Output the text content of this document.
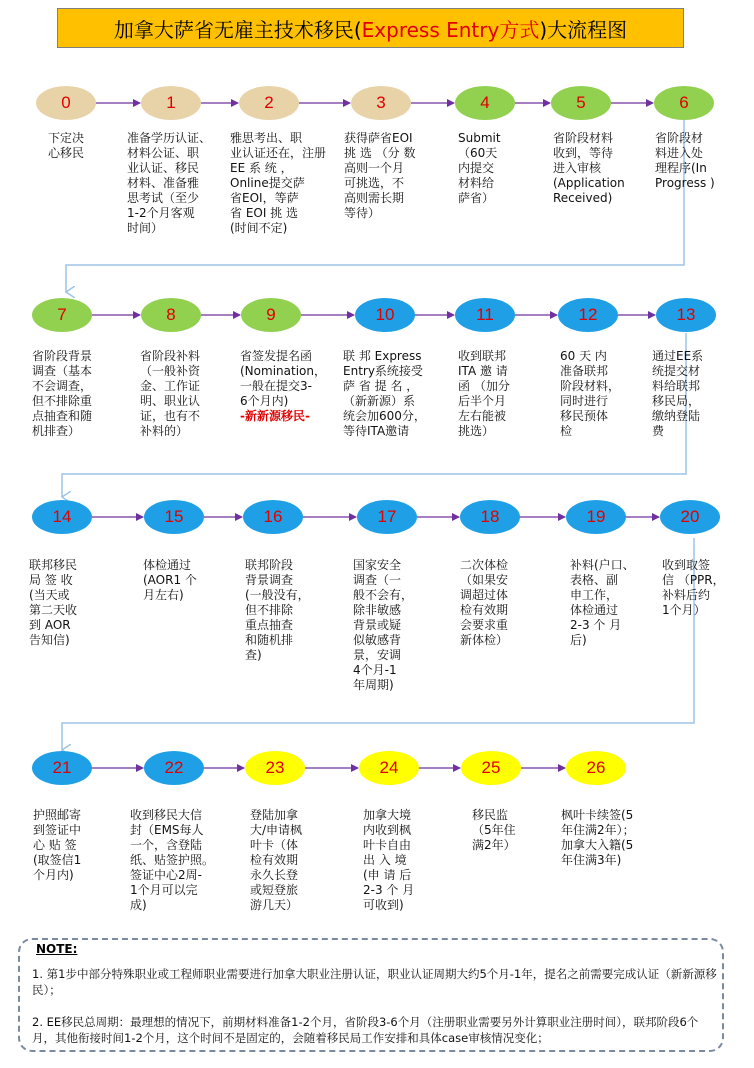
加拿大萨省无雇主技术移民( Express Entry方式 )大流程图
0
下定决
心移民
1
准备学历认证、
材料公证、职
业认证、移民
材料、准备雅
思考试（至少
1-2个月客观
时间）
2
雅思考出、职
业认证还在，注册
EE 系 统 ，
Online提交萨
省EOI，等萨
省 EOI 挑 选
(时间不定)
3
获得萨省EOI
挑 选 （分 数
高则一个月
可挑选，不
高则需长期
等待）
4
Submit
（60天
内提交
材料给
萨省）
5
省阶段材料
收到，等待
进入审核
(Application
Received)
6
省阶段材
料进入处
理程序(In
Progress )
7
省阶段背景
调查（基本
不会调查，
但不排除重
点抽查和随
机排查）
8
省阶段补料
（一般补资
金、工作证
明、职业认
证，也有不
补料的）
9
省签发提名函
(Nomination，
一般在提交3-
6个月内)
-新新源移民-
10
联 邦 Express
Entry系统接受
萨 省 提 名 ，
（新新源）系
统会加600分，
等待ITA邀请
11
收到联邦
ITA 邀 请
函 （加分
后半个月
左右能被
挑选）
12
60 天 内
准备联邦
阶段材料，
同时进行
移民预体
检
13
通过EE系
统提交材
料给联邦
移民局，
缴纳登陆
费
14
联邦移民
局 签 收
(当天或
第二天收
到 AOR
告知信)
15
体检通过
(AOR1 个
月左右)
16
联邦阶段
背景调查
(一般没有，
但不排除
重点抽查
和随机排
查)
17
国家安全
调查（一
般不会有，
除非敏感
背景或疑
似敏感背
景，安调
4个月-1
年周期)
18
二次体检
（如果安
调超过体
检有效期
会要求重
新体检）
19
补料(户口、
表格、副
申工作，
体检通过
2-3 个 月
后)
20
收到取签
信 （PPR，
补料后约
1个月）
21
护照邮寄
到签证中
心 贴 签
(取签信1
个月内)
22
收到移民大信
封（EMS每人
一个，含登陆
纸、贴签护照。
签证中心2周-
1个月可以完
成)
23
登陆加拿
大/申请枫
叶卡（体
检有效期
永久长登
或短登旅
游几天）
24
加拿大境
内收到枫
叶卡自由
出 入 境
(申 请 后
2-3 个 月
可收到)
25
移民监
（5年住
满2年）
26
枫叶卡续签(5
年住满2年）；
加拿大入籍(5
年住满3年)
NOTE:
1. 第1步中部分特殊职业或工程师职业需要进行加拿大职业注册认证，职业认证周期大约5个月-1年，提名之前需要完成认证（新新源移民）；
2. EE移民总周期：最理想的情况下，前期材料准备1-2个月，省阶段3-6个月（注册职业需要另外计算职业注册时间），联邦阶段6个月，其他衔接时间1-2个月，这个时间不是固定的，会随着移民局工作安排和具体case审核情况变化；
